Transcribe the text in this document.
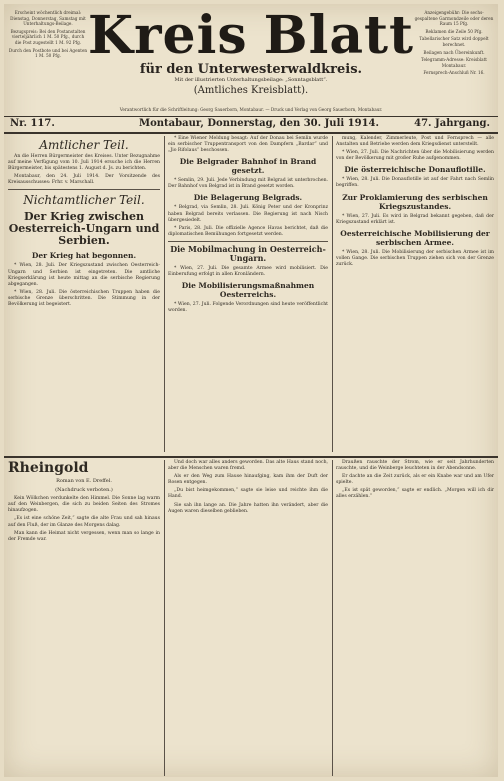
Erscheint wöchentlich dreimal: Dienstag, Donnerstag, Samstag mit Unterhaltungs-Beilage.

Bezugspreis: Bei den Postanstalten vierteljährlich 1 M. 50 Pfg., durch die Post zugestellt 1 M. 92 Pfg.

Durch den Postbote und bei Agenten 1 M. 50 Pfg. Kreis Blatt
für den Unterwesterwaldkreis.
Mit der illustrierten Unterhaltungsbeilage: „Sonntagsblatt“.
(Amtliches Kreisblatt).

Anzeigengebühr: Die sechs-gespaltene Garmondzeile oder deren Raum 15 Pfg.

Reklamen die Zeile 50 Pfg.

Tabellarischer Satz wird doppelt berechnet.

Beilagen nach Übereinkunft.

Telegramm-Adresse: Kreisblatt Montabaur.

Fernsprech-Anschluß Nr. 16.

Verantwortlich für die Schriftleitung: Georg Sauerborn, Montabaur. — Druck und Verlag von Georg Sauerborn, Montabaur.
Nr. 117.	Montabaur, Donnerstag, den 30. Juli 1914.	47. Jahrgang.
Amtlicher Teil.

An die Herren Bürgermeister des Kreises. Unter Bezugnahme auf meine Verfügung vom 10. Juli 1914 ersuche ich die Herren Bürgermeister, bis spätestens 1. August d. Js. zu berichten.

Montabaur, den 24. Juli 1914. Der Vorsitzende des Kreisausschusses: Frhr. v. Marschall.

Nichtamtlicher Teil.
Der Krieg zwischen Oesterreich-Ungarn und Serbien.
Der Krieg hat begonnen.

* Wien, 28. Juli. Der Kriegszustand zwischen Oesterreich-Ungarn und Serbien ist eingetreten. Die amtliche Kriegserklärung ist heute mittag an die serbische Regierung abgegangen.

* Wien, 28. Juli. Die österreichischen Truppen haben die serbische Grenze überschritten. Die Stimmung in der Bevölkerung ist begeistert.

* Eine Wiener Meldung besagt: Auf der Donau bei Semlin wurde ein serbischer Truppentransport von den Dampfern „Bardar“ und „Jio Rifolaus“ beschossen.

Die Belgrader Bahnhof in Brand gesetzt.

* Semlin, 29. Juli. Jede Verbindung mit Belgrad ist unterbrochen. Der Bahnhof von Belgrad ist in Brand gesetzt worden.

Die Belagerung Belgrads.

* Belgrad, via Semlin, 28. Juli. König Peter und der Kronprinz haben Belgrad bereits verlassen. Die Regierung ist nach Nisch übergesiedelt.

* Paris, 28. Juli. Die offizielle Agence Havas berichtet, daß die diplomatischen Bemühungen fortgesetzt werden.

Die Mobilmachung in Oesterreich-Ungarn.

* Wien, 27. Juli. Die gesamte Armee wird mobilisiert. Die Einberufung erfolgt in allen Kronländern.

Die Mobilisierungsmaßnahmen Oesterreichs.

* Wien, 27. Juli. Folgende Verordnungen sind heute veröffentlicht worden.

mung, Kalender, Zimmerleute, Post und Fernsprech — alle Anstalten und Betriebe werden dem Kriegsdienst unterstellt.

* Wien, 27. Juli. Die Nachrichten über die Mobilisierung werden von der Bevölkerung mit großer Ruhe aufgenommen.

Die österreichische Donauflotille.

* Wien, 28. Juli. Die Donauflotille ist auf der Fahrt nach Semlin begriffen.

Zur Proklamierung des serbischen Kriegszustandes.

* Wien, 27. Juli. Es wird in Belgrad bekannt gegeben, daß der Kriegszustand erklärt ist.

Oesterreichische Mobilisierung der serbischen Armee.

* Wien, 28. Juli. Die Mobilisierung der serbischen Armee ist im vollen Gange. Die serbischen Truppen ziehen sich von der Grenze zurück.

Rheingold
Roman von E. Dreffel.
(Nachdruck verboten.)

Kein Wölkchen verdunkelte den Himmel. Die Sonne lag warm auf den Weinbergen, die sich zu beiden Seiten des Stromes hinaufzogen.

„Es ist eine schöne Zeit,“ sagte die alte Frau und sah hinaus auf den Fluß, der im Glanze des Morgens dalag.

Man kann die Heimat nicht vergessen, wenn man so lange in der Fremde war.

Und doch war alles anders geworden. Das alte Haus stand noch, aber die Menschen waren fremd.

Als er den Weg zum Hause hinaufging, kam ihm der Duft der Rosen entgegen.

„Du bist heimgekommen,“ sagte sie leise und reichte ihm die Hand.

Sie sah ihn lange an. Die Jahre hatten ihn verändert, aber die Augen waren dieselben geblieben.

Draußen rauschte der Strom, wie er seit Jahrhunderten rauschte, und die Weinberge leuchteten in der Abendsonne.

Er dachte an die Zeit zurück, als er ein Knabe war und am Ufer spielte.

„Es ist spät geworden,“ sagte er endlich. „Morgen will ich dir alles erzählen.“
